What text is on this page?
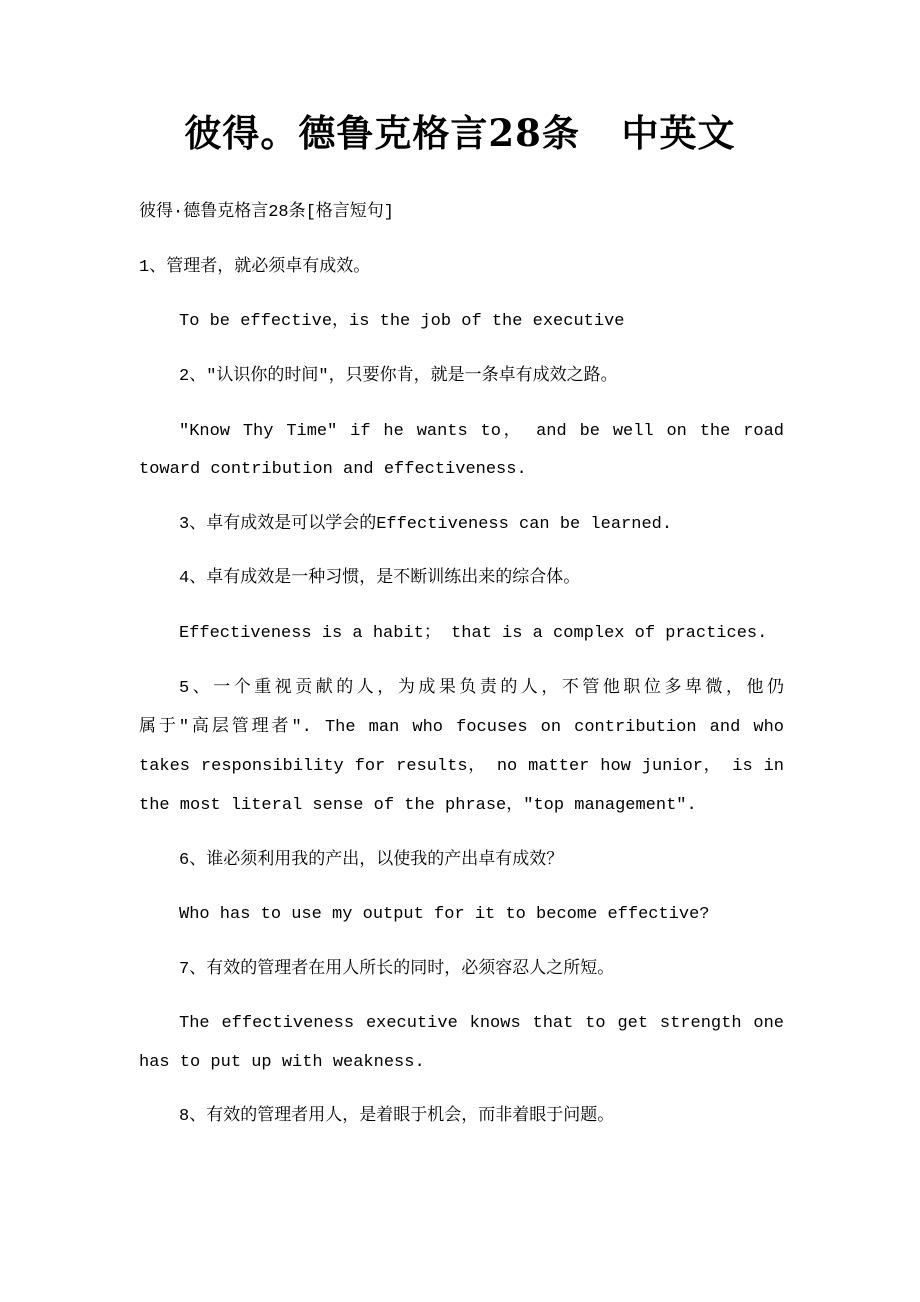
彼得。德鲁克格言28条   中英文
彼得·德鲁克格言28条[格言短句]
1、管理者，就必须卓有成效。
To be effective，is the job of the executive
2、"认识你的时间"，只要你肯，就是一条卓有成效之路。
"Know Thy Time" if he wants to， and be well on the road
toward contribution and effectiveness.
3、卓有成效是可以学会的Effectiveness can be learned.
4、卓有成效是一种习惯，是不断训练出来的综合体。
Effectiveness is a habit； that is a complex of practices.
5、一个重视贡献的人，为成果负责的人，不管他职位多卑微，他仍
属于"高层管理者". The man who focuses on contribution and who
takes responsibility for results， no matter how junior， is in
the most literal sense of the phrase，"top management".
6、谁必须利用我的产出，以使我的产出卓有成效？
Who has to use my output for it to become effective?
7、有效的管理者在用人所长的同时，必须容忍人之所短。
The effectiveness executive knows that to get strength one
has to put up with weakness.
8、有效的管理者用人，是着眼于机会，而非着眼于问题。
